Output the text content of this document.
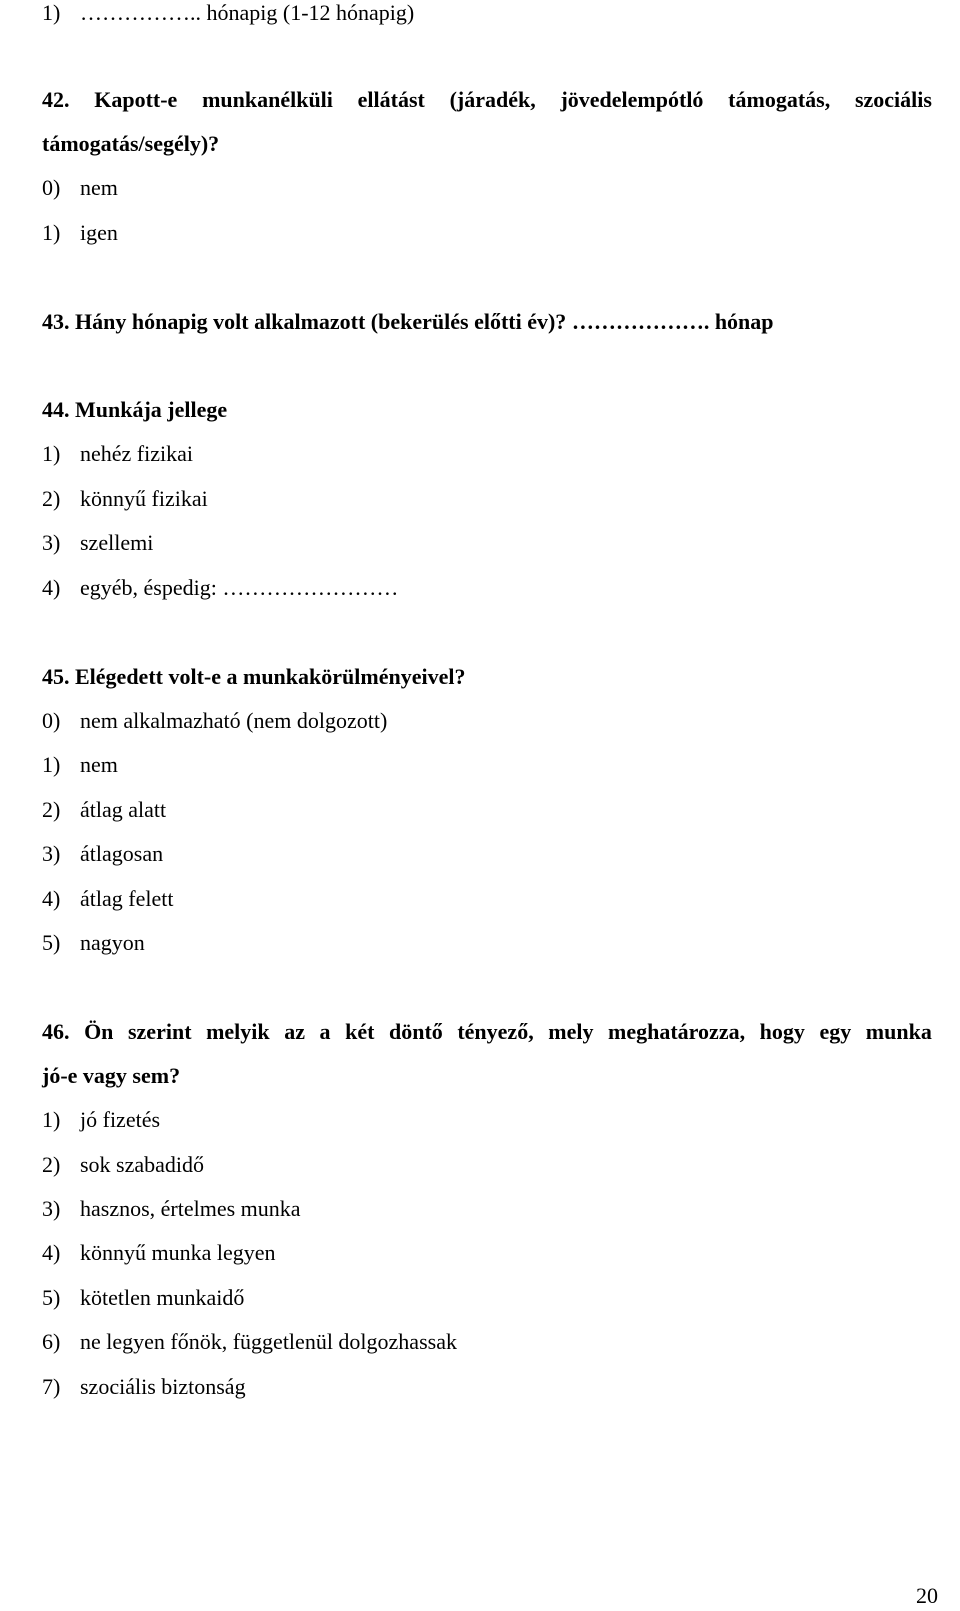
1) …………….. hónapig (1-12 hónapig)
42. Kapott-e munkanélküli ellátást (járadék, jövedelempótló támogatás, szociális
támogatás/segély)?
0) nem
1) igen
43. Hány hónapig volt alkalmazott (bekerülés előtti év)? ………………. hónap
44. Munkája jellege
1) nehéz fizikai
2) könnyű fizikai
3) szellemi
4) egyéb, éspedig: ……………………
45. Elégedett volt-e a munkakörülményeivel?
0) nem alkalmazható (nem dolgozott)
1) nem
2) átlag alatt
3) átlagosan
4) átlag felett
5) nagyon
46. Ön szerint melyik az a két döntő tényező, mely meghatározza, hogy egy munka
jó-e vagy sem?
1) jó fizetés
2) sok szabadidő
3) hasznos, értelmes munka
4) könnyű munka legyen
5) kötetlen munkaidő
6) ne legyen főnök, függetlenül dolgozhassak
7) szociális biztonság
20
